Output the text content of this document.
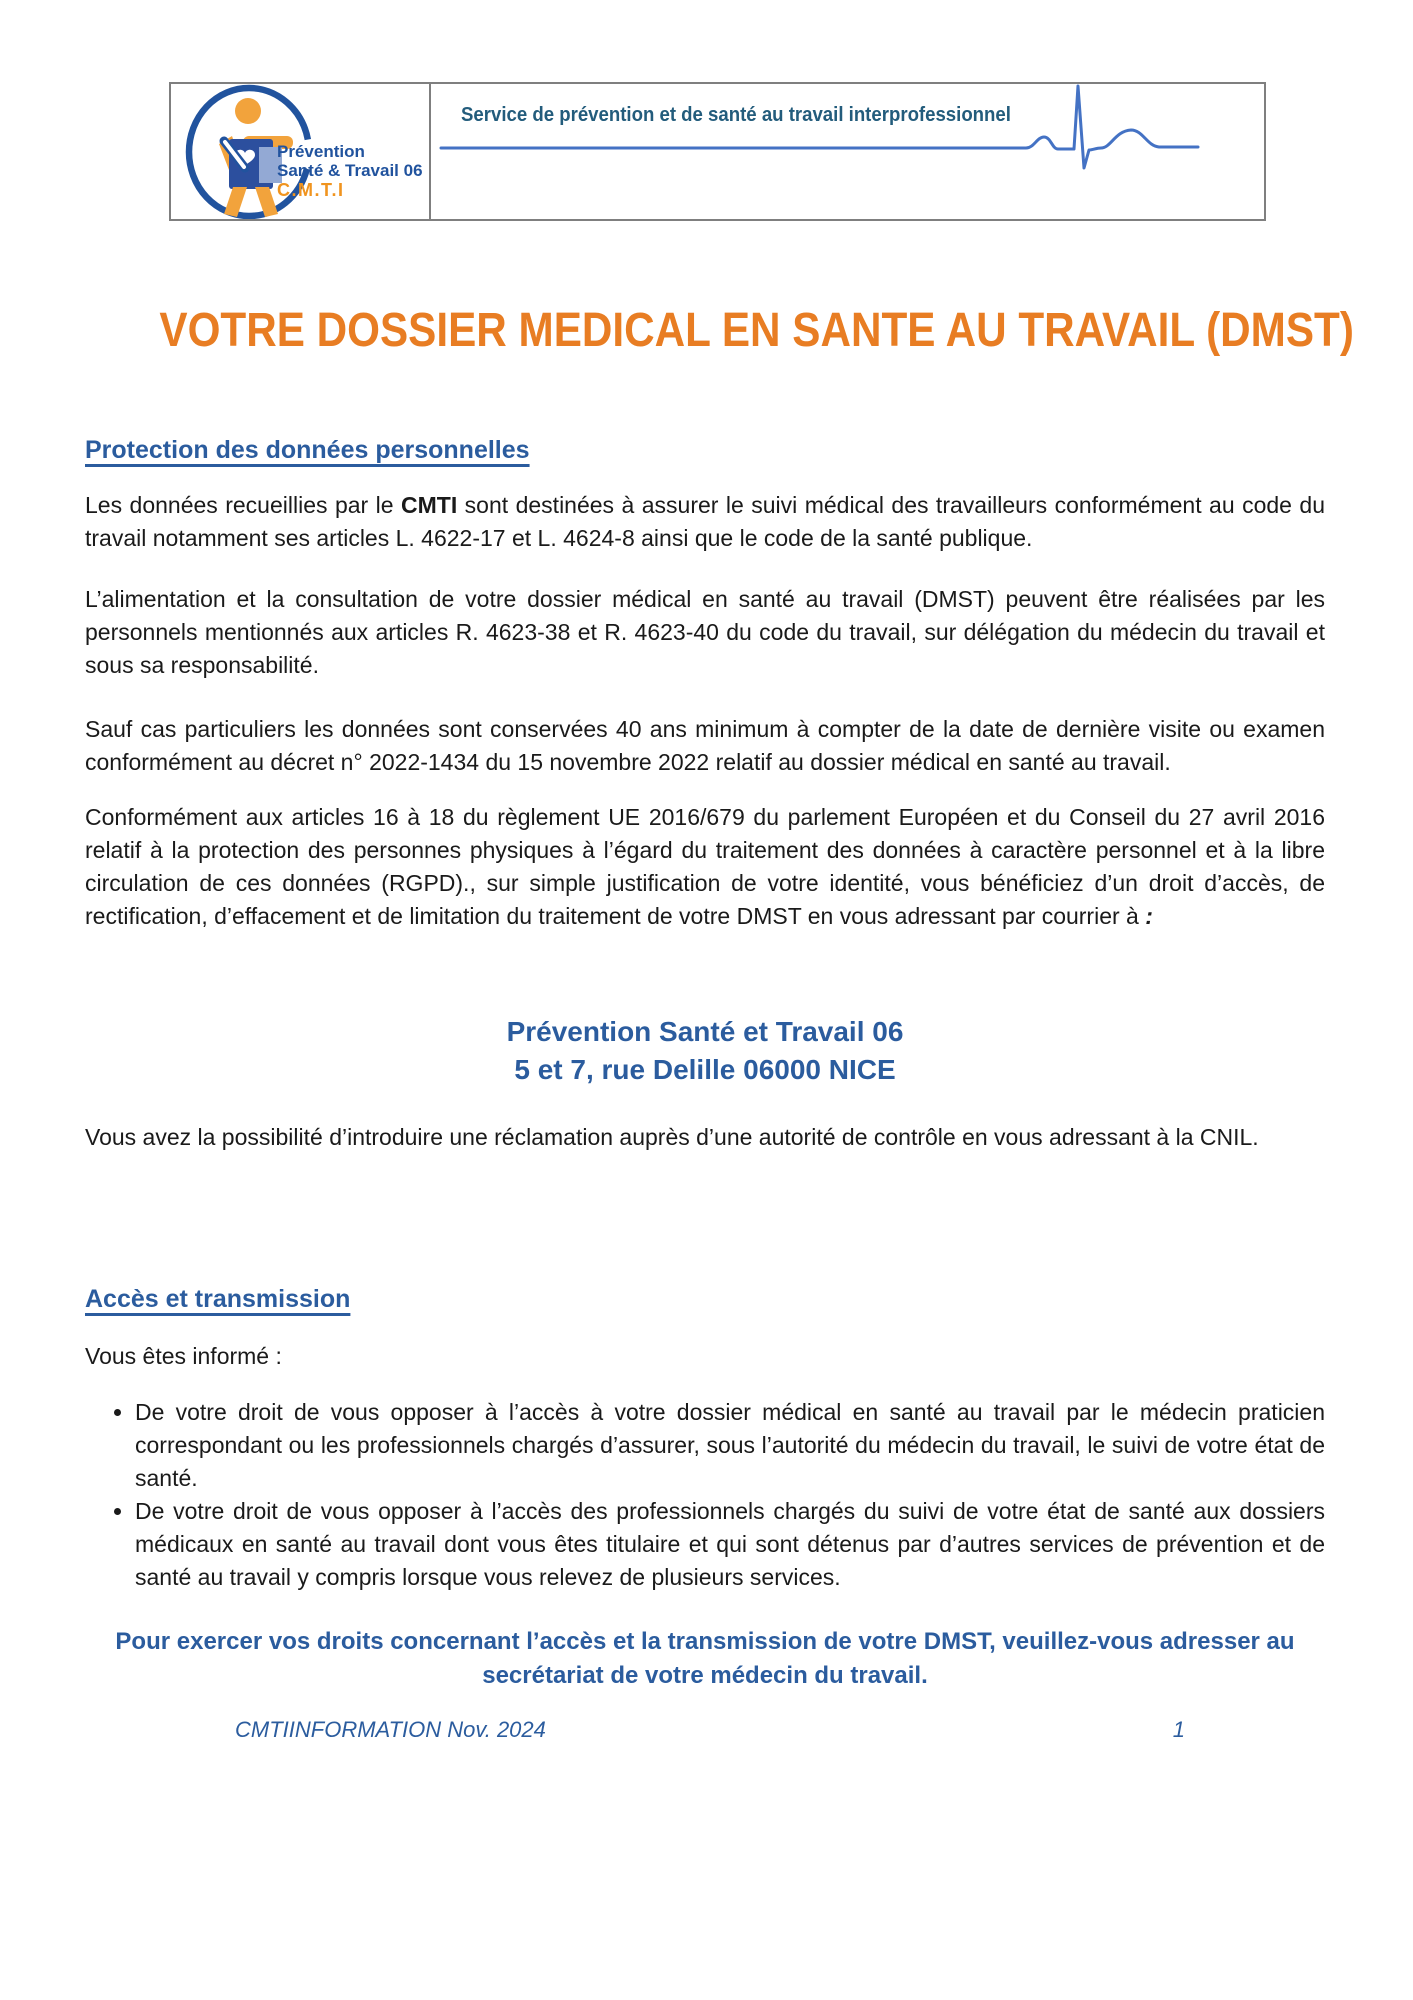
Prévention
Santé & Travail 06
C.M.T.I
Service de prévention et de santé au travail interprofessionnel
VOTRE DOSSIER MEDICAL EN SANTE AU TRAVAIL (DMST)
Protection des données personnelles

Les données recueillies par le CMTI sont destinées à assurer le suivi médical des travailleurs conformément au code du travail notamment ses articles L. 4622-17 et L. 4624-8 ainsi que le code de la santé publique.

L’alimentation et la consultation de votre dossier médical en santé au travail (DMST) peuvent être réalisées par les personnels mentionnés aux articles R. 4623-38 et R. 4623-40 du code du travail, sur délégation du médecin du travail et sous sa responsabilité.

Sauf cas particuliers les données sont conservées 40 ans minimum à compter de la date de dernière visite ou examen conformément au décret n° 2022-1434 du 15 novembre 2022 relatif au dossier médical en santé au travail.

Conformément aux articles 16 à 18 du règlement UE 2016/679 du parlement Européen et du Conseil du 27 avril 2016 relatif à la protection des personnes physiques à l’égard du traitement des données à caractère personnel et à la libre circulation de ces données (RGPD)., sur simple justification de votre identité, vous bénéficiez d’un droit d’accès, de rectification, d’effacement et de limitation du traitement de votre DMST en vous adressant par courrier à :

Prévention Santé et Travail 06
5 et 7, rue Delille 06000 NICE

Vous avez la possibilité d’introduire une réclamation auprès d’une autorité de contrôle en vous adressant à la CNIL.

Accès et transmission

Vous êtes informé :

• De votre droit de vous opposer à l’accès à votre dossier médical en santé au travail par le médecin praticien correspondant ou les professionnels chargés d’assurer, sous l’autorité du médecin du travail, le suivi de votre état de santé.
• De votre droit de vous opposer à l’accès des professionnels chargés du suivi de votre état de santé aux dossiers médicaux en santé au travail dont vous êtes titulaire et qui sont détenus par d’autres services de prévention et de santé au travail y compris lorsque vous relevez de plusieurs services.

Pour exercer vos droits concernant l’accès et la transmission de votre DMST, veuillez-vous adresser au secrétariat de votre médecin du travail.

CMTIINFORMATION Nov. 2024	1
